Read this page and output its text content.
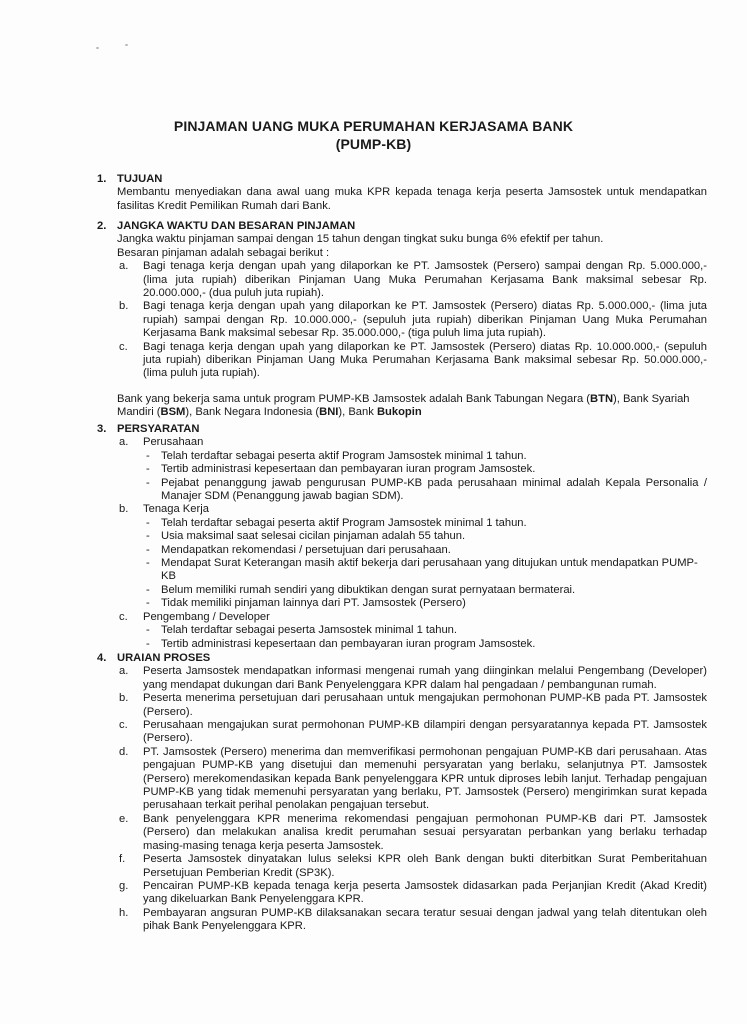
PINJAMAN UANG MUKA PERUMAHAN KERJASAMA BANK
(PUMP-KB)
1. TUJUAN
Membantu menyediakan dana awal uang muka KPR kepada tenaga kerja peserta Jamsostek untuk mendapatkan fasilitas Kredit Pemilikan Rumah dari Bank.
2. JANGKA WAKTU DAN BESARAN PINJAMAN
Jangka waktu pinjaman sampai dengan 15 tahun dengan tingkat suku bunga 6% efektif per tahun.
Besaran pinjaman adalah sebagai berikut :
a. Bagi tenaga kerja dengan upah yang dilaporkan ke PT. Jamsostek (Persero) sampai dengan Rp. 5.000.000,- (lima juta rupiah) diberikan Pinjaman Uang Muka Perumahan Kerjasama Bank maksimal sebesar Rp. 20.000.000,- (dua puluh juta rupiah).
b. Bagi tenaga kerja dengan upah yang dilaporkan ke PT. Jamsostek (Persero) diatas Rp. 5.000.000,- (lima juta rupiah) sampai dengan Rp. 10.000.000,- (sepuluh juta rupiah) diberikan Pinjaman Uang Muka Perumahan Kerjasama Bank maksimal sebesar Rp. 35.000.000,- (tiga puluh lima juta rupiah).
c. Bagi tenaga kerja dengan upah yang dilaporkan ke PT. Jamsostek (Persero) diatas Rp. 10.000.000,- (sepuluh juta rupiah) diberikan Pinjaman Uang Muka Perumahan Kerjasama Bank maksimal sebesar Rp. 50.000.000,- (lima puluh juta rupiah).
Bank yang bekerja sama untuk program PUMP-KB Jamsostek adalah Bank Tabungan Negara (BTN), Bank Syariah Mandiri (BSM), Bank Negara Indonesia (BNI), Bank Bukopin
3. PERSYARATAN
a. Perusahaan
- Telah terdaftar sebagai peserta aktif Program Jamsostek minimal 1 tahun.
- Tertib administrasi kepesertaan dan pembayaran iuran program Jamsostek.
- Pejabat penanggung jawab pengurusan PUMP-KB pada perusahaan minimal adalah Kepala Personalia / Manajer SDM (Penanggung jawab bagian SDM).
b. Tenaga Kerja
- Telah terdaftar sebagai peserta aktif Program Jamsostek minimal 1 tahun.
- Usia maksimal saat selesai cicilan pinjaman adalah 55 tahun.
- Mendapatkan rekomendasi / persetujuan dari perusahaan.
- Mendapat Surat Keterangan masih aktif bekerja dari perusahaan yang ditujukan untuk mendapatkan PUMP-KB
- Belum memiliki rumah sendiri yang dibuktikan dengan surat pernyataan bermaterai.
- Tidak memiliki pinjaman lainnya dari PT. Jamsostek (Persero)
c. Pengembang / Developer
- Telah terdaftar sebagai peserta Jamsostek minimal 1 tahun.
- Tertib administrasi kepesertaan dan pembayaran iuran program Jamsostek.
4. URAIAN PROSES
a. Peserta Jamsostek mendapatkan informasi mengenai rumah yang diinginkan melalui Pengembang (Developer) yang mendapat dukungan dari Bank Penyelenggara KPR dalam hal pengadaan / pembangunan rumah.
b. Peserta menerima persetujuan dari perusahaan untuk mengajukan permohonan PUMP-KB pada PT. Jamsostek (Persero).
c. Perusahaan mengajukan surat permohonan PUMP-KB dilampiri dengan persyaratannya kepada PT. Jamsostek (Persero).
d. PT. Jamsostek (Persero) menerima dan memverifikasi permohonan pengajuan PUMP-KB dari perusahaan. Atas pengajuan PUMP-KB yang disetujui dan memenuhi persyaratan yang berlaku, selanjutnya PT. Jamsostek (Persero) merekomendasikan kepada Bank penyelenggara KPR untuk diproses lebih lanjut. Terhadap pengajuan PUMP-KB yang tidak memenuhi persyaratan yang berlaku, PT. Jamsostek (Persero) mengirimkan surat kepada perusahaan terkait perihal penolakan pengajuan tersebut.
e. Bank penyelenggara KPR menerima rekomendasi pengajuan permohonan PUMP-KB dari PT. Jamsostek (Persero) dan melakukan analisa kredit perumahan sesuai persyaratan perbankan yang berlaku terhadap masing-masing tenaga kerja peserta Jamsostek.
f. Peserta Jamsostek dinyatakan lulus seleksi KPR oleh Bank dengan bukti diterbitkan Surat Pemberitahuan Persetujuan Pemberian Kredit (SP3K).
g. Pencairan PUMP-KB kepada tenaga kerja peserta Jamsostek didasarkan pada Perjanjian Kredit (Akad Kredit) yang dikeluarkan Bank Penyelenggara KPR.
h. Pembayaran angsuran PUMP-KB dilaksanakan secara teratur sesuai dengan jadwal yang telah ditentukan oleh pihak Bank Penyelenggara KPR.
